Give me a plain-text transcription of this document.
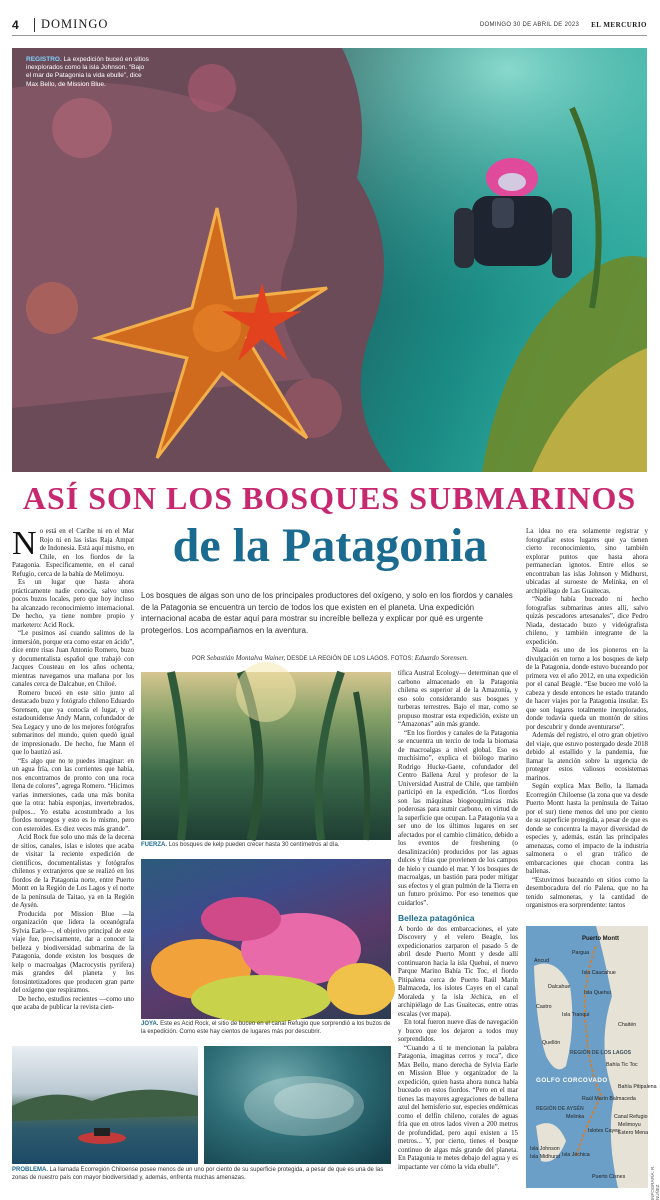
4	DOMINGO	DOMINGO 30 DE ABRIL DE 2023 EL MERCURIO

REGISTRO. La expedición buceó en sitios inexplorados como la isla Johnson. “Bajo el mar de Patagonia la vida ebulle”, dice Max Bello, de Mission Blue.

ASÍ SON LOS BOSQUES SUBMARINOS
de la Patagonia

Los bosques de algas son uno de los principales productores del oxígeno, y solo en los fiordos y canales de la Patagonia se encuentra un tercio de todos los que existen en el planeta. Una expedición internacional acaba de estar aquí para mostrar su increíble belleza y explicar por qué es urgente protegerlos. Los acompañamos en la aventura.

POR Sebastián Montalva Wainer, DESDE LA REGIÓN DE LOS LAGOS. FOTOS: Eduardo Sorensen.

No está en el Caribe ni en el Mar Rojo ni en las islas Raja Ampat de Indonesia. Está aquí mismo, en Chile, en los fiordos de la Patagonia. Específicamente, en el canal Refugio, cerca de la bahía de Melimoyu.

Es un lugar que hasta ahora prácticamente nadie conocía, salvo unos pocos buzos locales, pero que hoy incluso ha alcanzado reconocimiento internacional. De hecho, ya tiene nombre propio y marketero: Acid Rock.

“Le pusimos así cuando salimos de la inmersión, porque era como estar en ácido”, dice entre risas Juan Antonio Romero, buzo y documentalista español que trabajó con Jacques Cousteau en los años ochenta, mientras navegamos una mañana por los canales cerca de Dalcahue, en Chiloé.

Romero buceó en este sitio junto al destacado buzo y fotógrafo chileno Eduardo Sorensen, que ya conocía el lugar, y el estadounidense Andy Mann, cofundador de Sea Legacy y uno de los mejores fotógrafos submarinos del mundo, quien quedó igual de impresionado. De hecho, fue Mann el que lo bautizó así.

“Es algo que no te puedes imaginar: en un agua fría, con las corrientes que había, nos encontramos de pronto con una roca llena de colores”, agrega Romero. “Hicimos varias inmersiones, cada una más bonita que la otra: había esponjas, invertebrados, pulpos... Yo estaba acostumbrado a los fiordos noruegos y esto es lo mismo, pero con esteroides. Es diez veces más grande”.

Acid Rock fue solo uno más de la decena de sitios, canales, islas e islotes que acaba de visitar la reciente expedición de científicos, documentalistas y fotógrafos chilenos y extranjeros que se realizó en los fiordos de la Patagonia norte, entre Puerto Montt en la Región de Los Lagos y el norte de la península de Taitao, ya en la Región de Aysén.

Producida por Mission Blue —la organización que lidera la oceanógrafa Sylvia Earle—, el objetivo principal de este viaje fue, precisamente, dar a conocer la belleza y biodiversidad submarina de la Patagonia, donde existen los bosques de kelp o macroalgas (Macrocystis pyrifera) más grandes del planeta y los fotosintetizadores que producen gran parte del oxígeno que respiramos.

De hecho, estudios recientes —como uno que acaba de publicar la revista cien-

FUERZA. Los bosques de kelp pueden crecer hasta 30 centímetros al día.

JOYA. Este es Acid Rock, el sitio de buceo en el canal Refugio que sorprendió a los buzos de la expedición. Como este hay cientos de lugares más por descubrir.

PROBLEMA. La llamada Ecorregión Chiloense posee menos de un uno por ciento de su superficie protegida, a pesar de que es una de las zonas de nuestro país con mayor biodiversidad y, además, enfrenta muchas amenazas.

tífica Austral Ecology— determinan que el carbono almacenado en la Patagonia chilena es superior al de la Amazonía, y eso solo considerando sus bosques y turberas terrestres. Bajo el mar, como se propuso mostrar esta expedición, existe un “Amazonas” aún más grande.

“En los fiordos y canales de la Patagonia se encuentra un tercio de toda la biomasa de macroalgas a nivel global. Eso es muchísimo”, explica el biólogo marino Rodrigo Hucke-Gaete, cofundador del Centro Ballena Azul y profesor de la Universidad Austral de Chile, que también participó en la expedición. “Los fiordos son las máquinas biogeoquímicas más poderosas para sumir carbono, en virtud de la superficie que ocupan. La Patagonia va a ser uno de los últimos lugares en ser afectados por el cambio climático, debido a los eventos de freshening (o desalinización) producidos por las aguas dulces y frías que provienen de los campos de hielo y cuando el mar. Y los bosques de macroalgas, un bastión para poder mitigar sus efectos y el gran pulmón de la Tierra en un futuro próximo. Por eso tenemos que cuidarlos”.

Belleza patagónica

A bordo de dos embarcaciones, el yate Discovery y el velero Beagle, los expedicionarios zarparon el pasado 5 de abril desde Puerto Montt y desde allí continuaron hacia la isla Quehui, el nuevo Parque Marino Bahía Tic Toc, el fiordo Pitipalena cerca de Puerto Raúl Marín Balmaceda, los islotes Cayes en el canal Moraleda y la isla Jéchica, en el archipiélago de Las Guaitecas, entre otras escalas (ver mapa).

En total fueron nueve días de navegación y buceo que los dejaron a todos muy sorprendidos.

“Cuando a ti te mencionan la palabra Patagonia, imaginas cerros y roca”, dice Max Bello, mano derecha de Sylvia Earle en Mission Blue y organizador de la expedición, quien hasta ahora nunca había buceado en estos fiordos. “Pero en el mar tienes las mayores agregaciones de ballena azul del hemisferio sur, especies endémicas como el delfín chileno, corales de aguas fría que en otros lados viven a 200 metros de profundidad, pero aquí existen a 15 metros... Y, por cierto, tienes el bosque continuo de algas más grande del planeta. En Patagonia te metes debajo del agua y es impactante ver cómo la vida ebulle”.

La idea no era solamente registrar y fotografiar estos lugares que ya tienen cierto reconocimiento, sino también explorar puntos que hasta ahora permanecían ignotos. Entre ellos se encontraban las islas Johnson y Midhurst, ubicadas al suroeste de Melinka, en el archipiélago de Las Guaitecas.

“Nadie había buceado ni hecho fotografías submarinas antes allí, salvo quizás pescadores artesanales”, dice Pedro Niada, destacado buzo y videógrafista chileno, y también integrante de la expedición.

Niada es uno de los pioneros en la divulgación en torno a los bosques de kelp de la Patagonia, donde estuvo buceando por primera vez el año 2012, en una expedición por el canal Beagle. “Ese buceo me voló la cabeza y desde entonces he estado tratando de hacer viajes por la Patagonia insular. Es que son lugares totalmente inexplorados, donde todavía queda un montón de sitios por descubrir y donde aventurarse”.

Además del registro, el otro gran objetivo del viaje, que estuvo postergado desde 2018 debido al estallido y la pandemia, fue llamar la atención sobre la urgencia de proteger estos valiosos ecosistemas marinos.

Según explica Max Bello, la llamada Ecorregión Chiloense (la zona que va desde Puerto Montt hasta la península de Taitao por el sur) tiene menos del uno por ciento de su superficie protegida, a pesar de que es donde se concentra la mayor diversidad de especies y, además, están las principales amenazas, como el impacto de la industria salmonera o el gran tráfico de embarcaciones que chocan contra las ballenas.

“Estuvimos buceando en sitios como la desembocadura del río Palena, que no ha tenido salmoneras, y la cantidad de organismos era sorprendente: tantos

Puerto Montt
Ancud
Pargua
Isla Caucahue
Dalcahue
Isla Quehui
Isla Tranqui
Castro
Chaitén
Quellón
Bahía Tic Toc
Raúl Marín Balmaceda
Bahía Pitipalena
Melinka
Islotes Cayes
Canal Refugio
Melimoyu
Estero Mena
Isla Johnson
Isla Midhurst Isla Jéchica
Puerto Cisnes
REGIÓN DE LOS LAGOS
GOLFO CORCOVADO
REGIÓN DE AYSÉN
INFOGRAFÍA: R. NÚÑEZ
